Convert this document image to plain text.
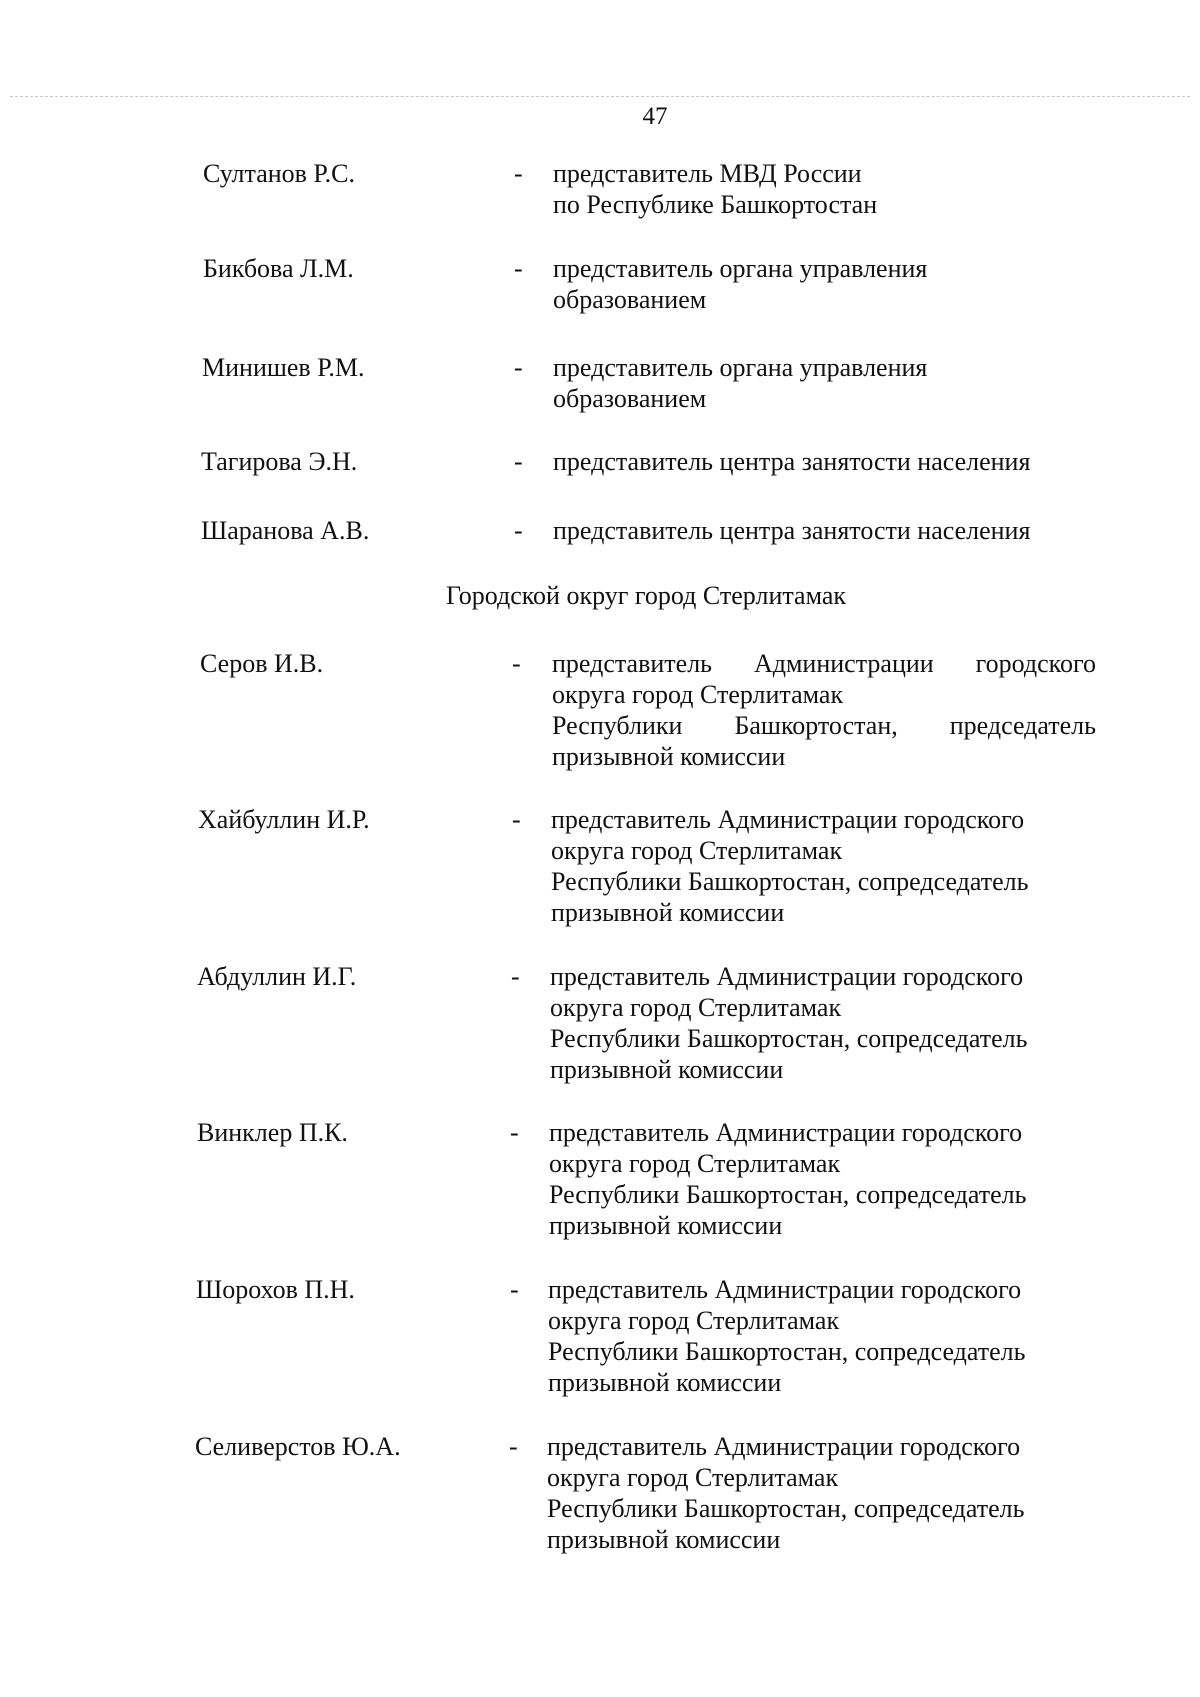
47
Городской округ город Стерлитамак
Султанов Р.С.	- представитель МВД России
по Республике Башкортостан
Бикбова Л.М.	- представитель органа управления
образованием
Минишев Р.М.	- представитель органа управления
образованием
Тагирова Э.Н.	- представитель центра занятости населения
Шаранова А.В.	- представитель центра занятости населения
Серов И.В.	- представитель Администрации городского
округа город Стерлитамак
Республики Башкортостан, председатель
призывной комиссии
Хайбуллин И.Р.	- представитель Администрации городского
округа город Стерлитамак
Республики Башкортостан, сопредседатель
призывной комиссии
Абдуллин И.Г.	- представитель Администрации городского
округа город Стерлитамак
Республики Башкортостан, сопредседатель
призывной комиссии
Винклер П.К.	- представитель Администрации городского
округа город Стерлитамак
Республики Башкортостан, сопредседатель
призывной комиссии
Шорохов П.Н.	- представитель Администрации городского
округа город Стерлитамак
Республики Башкортостан, сопредседатель
призывной комиссии
Селиверстов Ю.А.	- представитель Администрации городского
округа город Стерлитамак
Республики Башкортостан, сопредседатель
призывной комиссии
